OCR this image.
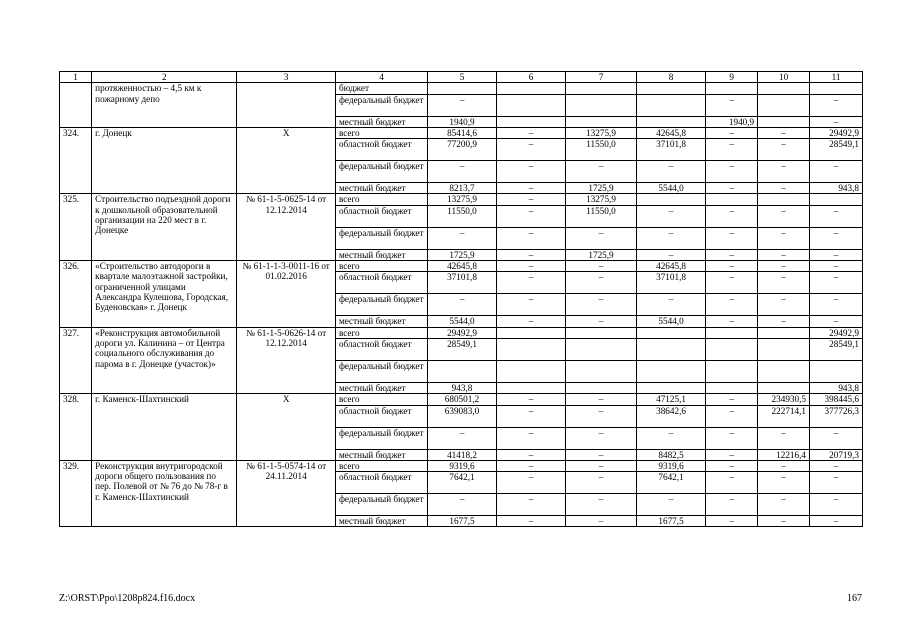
1	2	3	4	5	6	7	8	9	10	11
	протяженностью – 4,5 км к пожарному депо		бюджет							
			федеральный бюджет	–				–		–
			местный бюджет	1940,9				1940,9		–
324.	г. Донецк	Х	всего	85414,6	–	13275,9	42645,8	–	–	29492,9
			областной бюджет	77200,9	–	11550,0	37101,8	–	–	28549,1
			федеральный бюджет	–	–	–	–	–	–	–
			местный бюджет	8213,7	–	1725,9	5544,0	–	–	943,8
325.	Строительство подъездной дороги к дошкольной образовательной организации на 220 мест в г. Донецке	№ 61-1-5-0625-14 от 12.12.2014	всего	13275,9	–	13275,9				
			областной бюджет	11550,0	–	11550,0	–	–	–	–
			федеральный бюджет	–	–	–	–	–	–	–
			местный бюджет	1725,9	–	1725,9	–	–	–	–
326.	«Строительство автодороги в квартале малоэтажной застройки, ограниченной улицами Александра Кулешова, Городская, Буденовская» г. Донецк	№ 61-1-1-3-0011-16 от 01.02.2016	всего	42645,8	–	–	42645,8	–	–	–
			областной бюджет	37101,8	–	–	37101,8	–	–	–
			федеральный бюджет	–	–	–	–	–	–	–
			местный бюджет	5544,0	–	–	5544,0	–	–	–
327.	«Реконструкция автомобильной дороги ул. Калинина – от Центра социального обслуживания до парома в г. Донецке (участок)»	№ 61-1-5-0626-14 от 12.12.2014	всего	29492,9						29492,9
			областной бюджет	28549,1						28549,1
			федеральный бюджет							
			местный бюджет	943,8						943,8
328.	г. Каменск-Шахтинский	Х	всего	680501,2	–	–	47125,1	–	234930,5	398445,6
			областной бюджет	639083,0	–	–	38642,6	–	222714,1	377726,3
			федеральный бюджет	–	–	–	–	–	–	–
			местный бюджет	41418,2	–	–	8482,5	–	12216,4	20719,3
329.	Реконструкция внутригородской дороги общего пользования по пер. Полевой от № 76 до № 78-г в г. Каменск-Шахтинский	№ 61-1-5-0574-14 от 24.11.2014	всего	9319,6	–	–	9319,6	–	–	–
			областной бюджет	7642,1	–	–	7642,1	–	–	–
			федеральный бюджет	–	–	–	–	–	–	–
			местный бюджет	1677,5	–	–	1677,5	–	–	–
Z:\ORST\Ppo\1208p824.f16.docx	167
